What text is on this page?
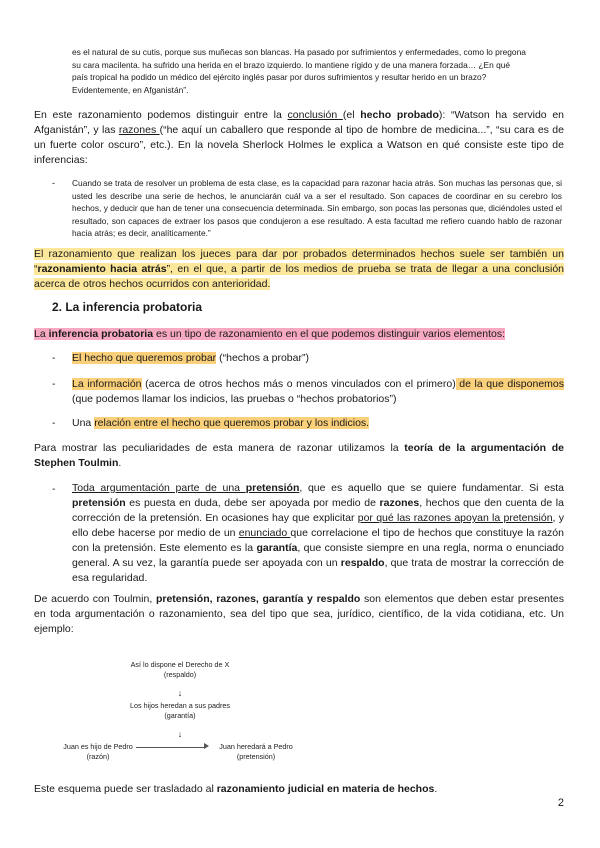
es el natural de su cutis, porque sus muñecas son blancas. Ha pasado por sufrimientos y enfermedades, como lo pregona
su cara macilenta. ha sufrido una herida en el brazo izquierdo. lo mantiene rígido y de una manera forzada… ¿En qué
país tropical ha podido un médico del ejército inglés pasar por duros sufrimientos y resultar herido en un brazo?
Evidentemente, en Afganistán”.
En este razonamiento podemos distinguir entre la conclusión (el hecho probado): “Watson ha servido en Afganistán”, y las razones (“he aquí un caballero que responde al tipo de hombre de medicina...”, “su cara es de un fuerte color oscuro”, etc.). En la novela Sherlock Holmes le explica a Watson en qué consiste este tipo de inferencias:
- Cuando se trata de resolver un problema de esta clase, es la capacidad para razonar hacia atrás. Son muchas las personas que, si usted les describe una serie de hechos, le anunciarán cuál va a ser el resultado. Son capaces de coordinar en su cerebro los hechos, y deducir que han de tener una consecuencia determinada. Sin embargo, son pocas las personas que, diciéndoles usted el resultado, son capaces de extraer los pasos que condujeron a ese resultado. A esta facultad me refiero cuando hablo de razonar hacia atrás; es decir, analíticamente.”
El razonamiento que realizan los jueces para dar por probados determinados hechos suele ser también un “razonamiento hacia atrás”, en el que, a partir de los medios de prueba se trata de llegar a una conclusión acerca de otros hechos ocurridos con anterioridad.
2. La inferencia probatoria
La inferencia probatoria es un tipo de razonamiento en el que podemos distinguir varios elementos:
- El hecho que queremos probar (“hechos a probar”)
- La información (acerca de otros hechos más o menos vinculados con el primero) de la que disponemos (que podemos llamar los indicios, las pruebas o “hechos probatorios”)
- Una relación entre el hecho que queremos probar y los indicios.
Para mostrar las peculiaridades de esta manera de razonar utilizamos la teoría de la argumentación de Stephen Toulmin.
- Toda argumentación parte de una pretensión, que es aquello que se quiere fundamentar. Si esta pretensión es puesta en duda, debe ser apoyada por medio de razones, hechos que den cuenta de la corrección de la pretensión. En ocasiones hay que explicitar por qué las razones apoyan la pretensión, y ello debe hacerse por medio de un enunciado que correlacione el tipo de hechos que constituye la razón con la pretensión. Este elemento es la garantía, que consiste siempre en una regla, norma o enunciado general. A su vez, la garantía puede ser apoyada con un respaldo, que trata de mostrar la corrección de esa regularidad.
De acuerdo con Toulmin, pretensión, razones, garantía y respaldo son elementos que deben estar presentes en toda argumentación o razonamiento, sea del tipo que sea, jurídico, científico, de la vida cotidiana, etc. Un ejemplo:
Así lo dispone el Derecho de X
(respaldo)
↓
Los hijos heredan a sus padres
(garantía)
↓
Juan es hijo de Pedro
(razón)
Juan heredará a Pedro
(pretensión)
Este esquema puede ser trasladado al razonamiento judicial en materia de hechos.
2
